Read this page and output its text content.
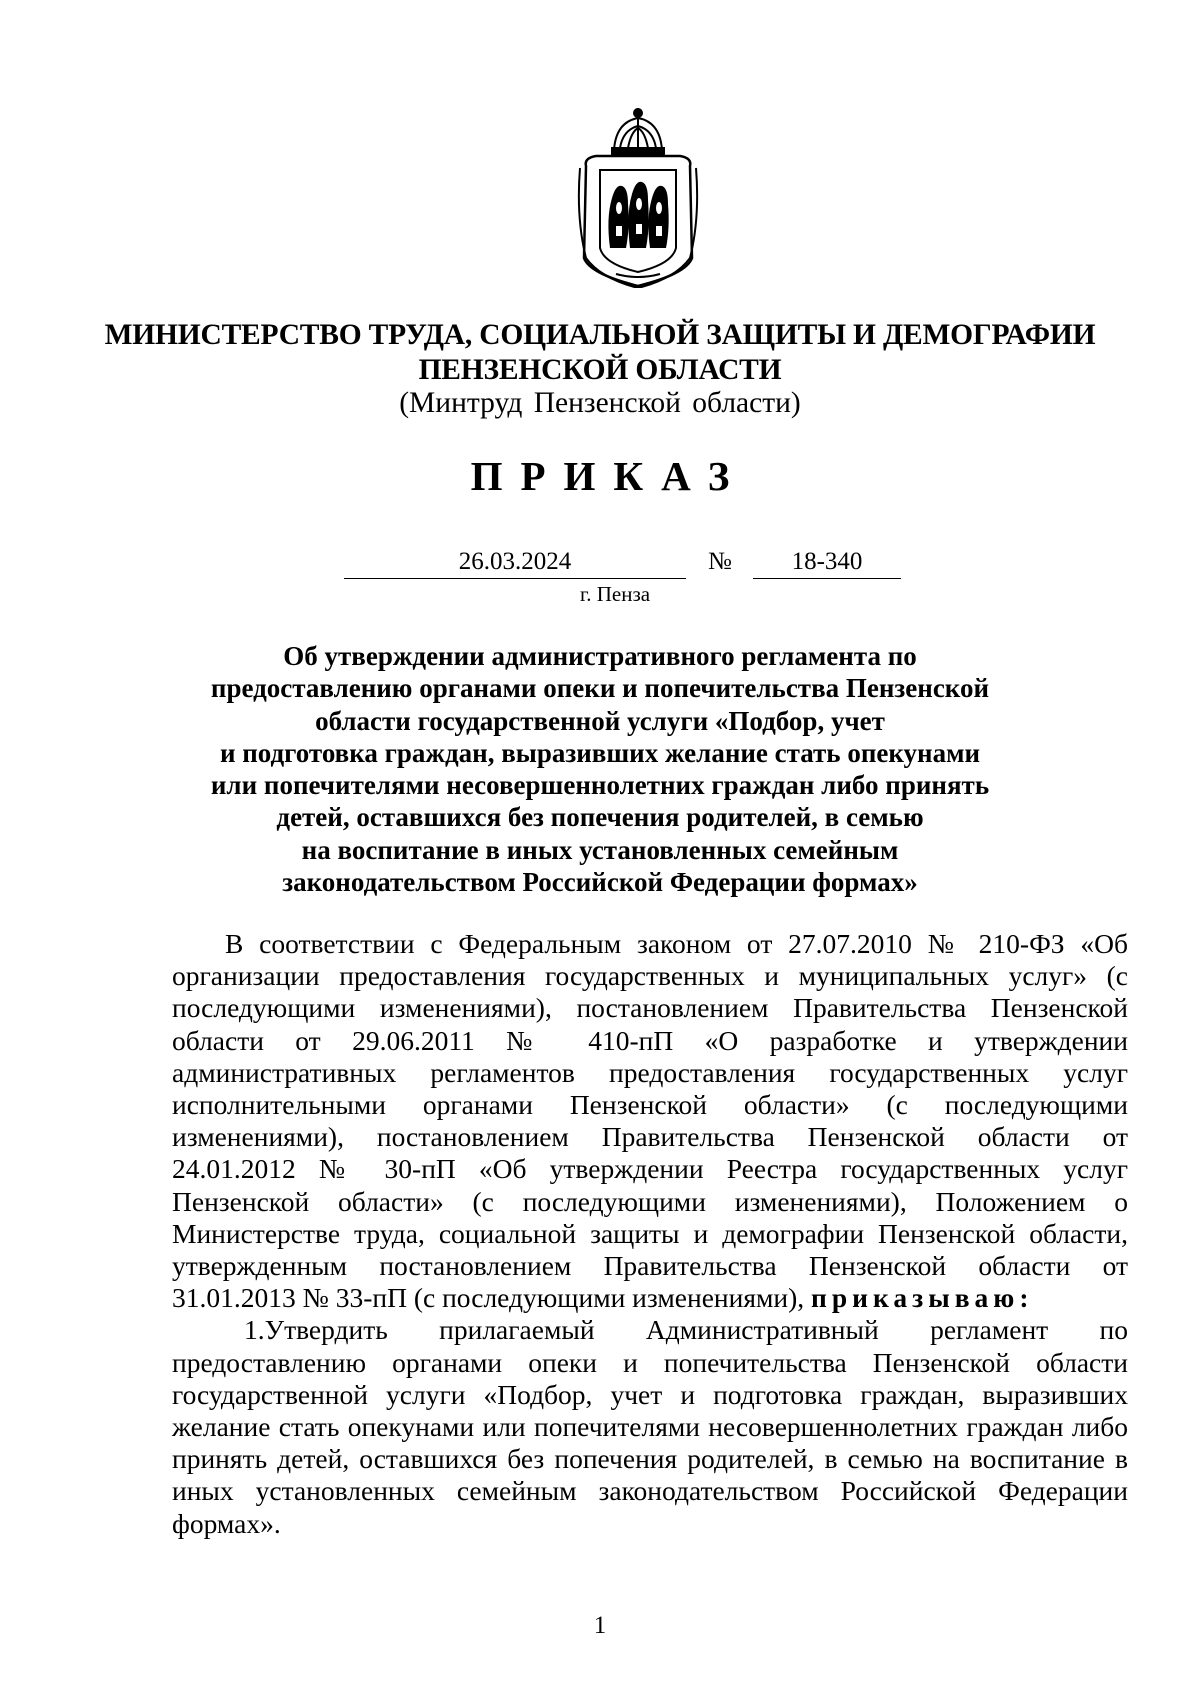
МИНИСТЕРСТВО ТРУДА, СОЦИАЛЬНОЙ ЗАЩИТЫ И ДЕМОГРАФИИ
ПЕНЗЕНСКОЙ ОБЛАСТИ
(Минтруд Пензенской области)
ПРИКАЗ
26.03.2024	№	18-340
г. Пенза
Об утверждении административного регламента по
предоставлению органами опеки и попечительства Пензенской
области государственной услуги «Подбор, учет
и подготовка граждан, выразивших желание стать опекунами
или попечителями несовершеннолетних граждан либо принять
детей, оставшихся без попечения родителей, в семью
на воспитание в иных установленных семейным
законодательством Российской Федерации формах»

В соответствии с Федеральным законом от 27.07.2010 № 210-ФЗ «Об организации предоставления государственных и муниципальных услуг» (с последующими изменениями), постановлением Правительства Пензенской области от 29.06.2011 № 410-пП «О разработке и утверждении административных регламентов предоставления государственных услуг исполнительными органами Пензенской области» (с последующими изменениями), постановлением Правительства Пензенской области от 24.01.2012 № 30-пП «Об утверждении Реестра государственных услуг Пензенской области» (с последующими изменениями), Положением о Министерстве труда, социальной защиты и демографии Пензенской области, утвержденным постановлением Правительства Пензенской области от 31.01.2013 № 33-пП (с последующими изменениями), приказываю:

1.Утвердить прилагаемый Административный регламент по предоставлению органами опеки и попечительства Пензенской области государственной услуги «Подбор, учет и подготовка граждан, выразивших желание стать опекунами или попечителями несовершеннолетних граждан либо принять детей, оставшихся без попечения родителей, в семью на воспитание в иных установленных семейным законодательством Российской Федерации формах».

1
